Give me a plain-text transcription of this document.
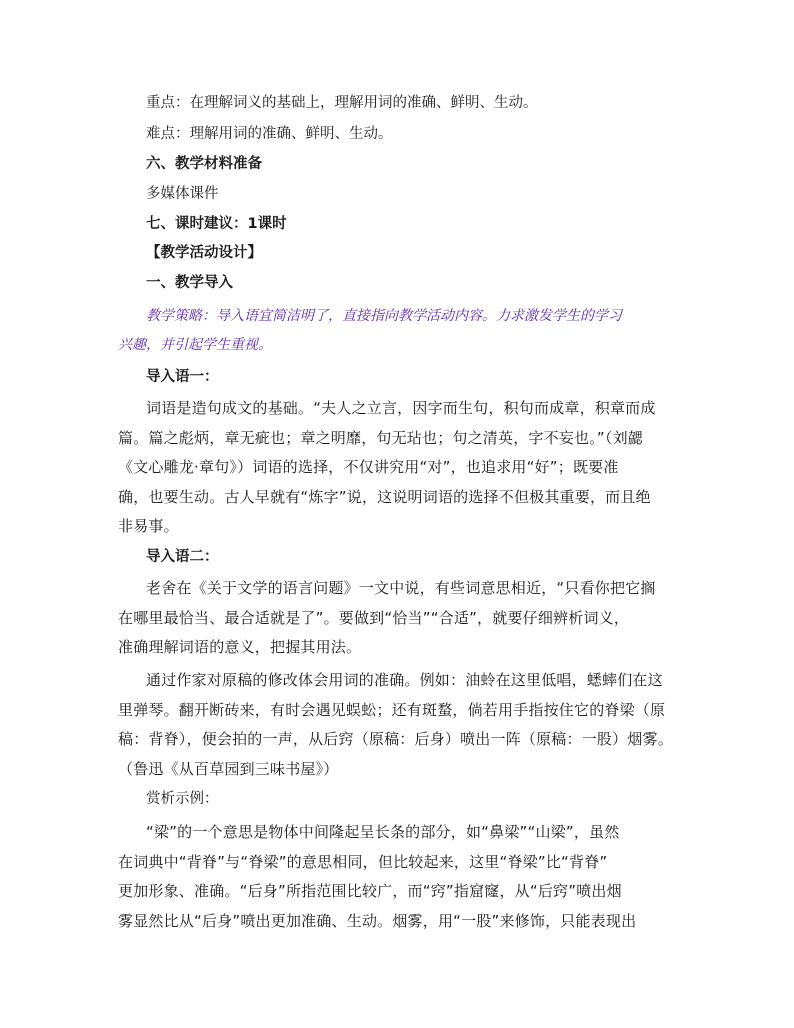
重点：在理解词义的基础上，理解用词的准确、鲜明、生动。
难点：理解用词的准确、鲜明、生动。
六、教学材料准备
多媒体课件
七、课时建议：1课时
【教学活动设计】
一、教学导入
教学策略：导入语宜简洁明了，直接指向教学活动内容。力求激发学生的学习
兴趣，并引起学生重视。
导入语一：
词语是造句成文的基础。“夫人之立言，因字而生句，积句而成章，积章而成
篇。篇之彪炳，章无疵也；章之明靡，句无玷也；句之清英，字不妄也。”（刘勰
《文心雕龙·章句》）词语的选择，不仅讲究用“对”，也追求用“好”；既要准
确，也要生动。古人早就有“炼字”说，这说明词语的选择不但极其重要，而且绝
非易事。
导入语二：
老舍在《关于文学的语言问题》一文中说，有些词意思相近，“只看你把它搁
在哪里最恰当、最合适就是了”。要做到“恰当”“合适”，就要仔细辨析词义，
准确理解词语的意义，把握其用法。
通过作家对原稿的修改体会用词的准确。例如：油蛉在这里低唱，蟋蟀们在这
里弹琴。翻开断砖来，有时会遇见蜈蚣；还有斑蝥，倘若用手指按住它的脊梁（原
稿：背脊），便会拍的一声，从后窍（原稿：后身）喷出一阵（原稿：一股）烟雾。
（鲁迅《从百草园到三味书屋》）
赏析示例：
“梁”的一个意思是物体中间隆起呈长条的部分，如“鼻梁”“山梁”，虽然
在词典中“背脊”与“脊梁”的意思相同，但比较起来，这里“脊梁”比“背脊”
更加形象、准确。“后身”所指范围比较广，而“窍”指窟窿，从“后窍”喷出烟
雾显然比从“后身”喷出更加准确、生动。烟雾，用“一股”来修饰，只能表现出
